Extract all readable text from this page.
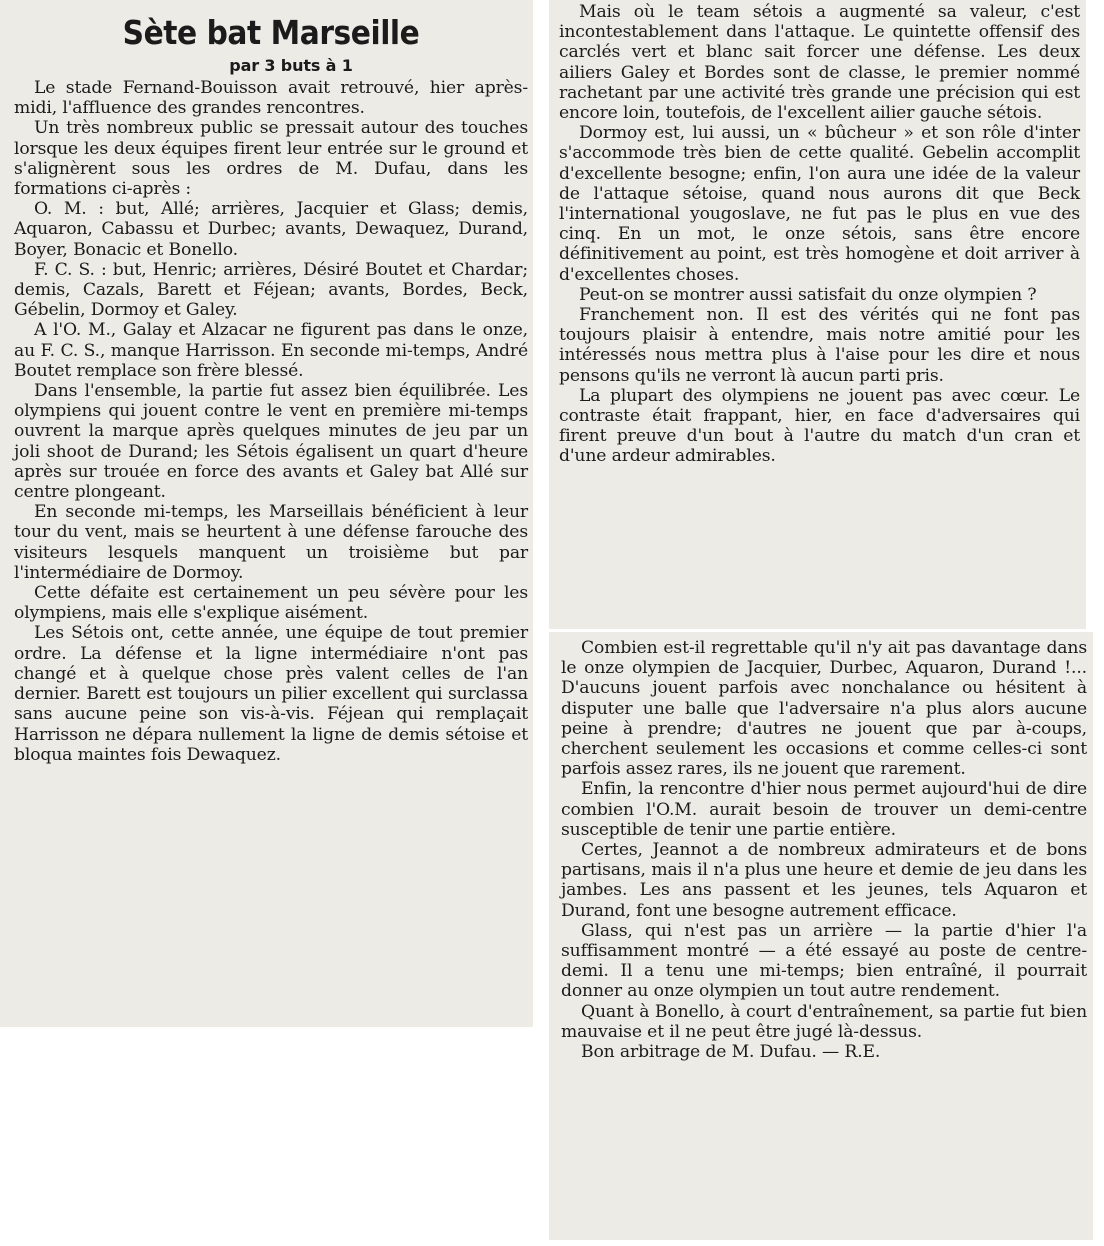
Sète bat Marseille
par 3 buts à 1

Le stade Fernand-Bouisson avait retrouvé, hier après-midi, l'affluence des grandes rencontres.

Un très nombreux public se pressait autour des touches lorsque les deux équipes firent leur entrée sur le ground et s'alignèrent sous les ordres de M. Dufau, dans les formations ci-après :

O. M. : but, Allé; arrières, Jacquier et Glass; demis, Aquaron, Cabassu et Durbec; avants, Dewaquez, Durand, Boyer, Bonacic et Bonello.

F. C. S. : but, Henric; arrières, Désiré Boutet et Chardar; demis, Cazals, Barett et Féjean; avants, Bordes, Beck, Gébelin, Dormoy et Galey.

A l'O. M., Galay et Alzacar ne figurent pas dans le onze, au F. C. S., manque Harrisson. En seconde mi-temps, André Boutet remplace son frère blessé.

Dans l'ensemble, la partie fut assez bien équilibrée. Les olympiens qui jouent contre le vent en première mi-temps ouvrent la marque après quelques minutes de jeu par un joli shoot de Durand; les Sétois égalisent un quart d'heure après sur trouée en force des avants et Galey bat Allé sur centre plongeant.

En seconde mi-temps, les Marseillais bénéficient à leur tour du vent, mais se heurtent à une défense farouche des visiteurs lesquels manquent un troisième but par l'intermédiaire de Dormoy.

Cette défaite est certainement un peu sévère pour les olympiens, mais elle s'explique aisément.

Les Sétois ont, cette année, une équipe de tout premier ordre. La défense et la ligne intermédiaire n'ont pas changé et à quelque chose près valent celles de l'an dernier. Barett est toujours un pilier excellent qui surclassa sans aucune peine son vis-à-vis. Féjean qui remplaçait Harrisson ne dépara nullement la ligne de demis sétoise et bloqua maintes fois Dewaquez.

Mais où le team sétois a augmenté sa valeur, c'est incontestablement dans l'attaque. Le quintette offensif des carclés vert et blanc sait forcer une défense. Les deux ailiers Galey et Bordes sont de classe, le premier nommé rachetant par une activité très grande une précision qui est encore loin, toutefois, de l'excellent ailier gauche sétois.

Dormoy est, lui aussi, un « bûcheur » et son rôle d'inter s'accommode très bien de cette qualité. Gebelin accomplit d'excellente besogne; enfin, l'on aura une idée de la valeur de l'attaque sétoise, quand nous aurons dit que Beck l'international yougoslave, ne fut pas le plus en vue des cinq. En un mot, le onze sétois, sans être encore définitivement au point, est très homogène et doit arriver à d'excellentes choses.

Peut-on se montrer aussi satisfait du onze olympien ?

Franchement non. Il est des vérités qui ne font pas toujours plaisir à entendre, mais notre amitié pour les intéressés nous mettra plus à l'aise pour les dire et nous pensons qu'ils ne verront là aucun parti pris.

La plupart des olympiens ne jouent pas avec cœur. Le contraste était frappant, hier, en face d'adversaires qui firent preuve d'un bout à l'autre du match d'un cran et d'une ardeur admirables.

Combien est-il regrettable qu'il n'y ait pas davantage dans le onze olympien de Jacquier, Durbec, Aquaron, Durand !... D'aucuns jouent parfois avec nonchalance ou hésitent à disputer une balle que l'adversaire n'a plus alors aucune peine à prendre; d'autres ne jouent que par à-coups, cherchent seulement les occasions et comme celles-ci sont parfois assez rares, ils ne jouent que rarement.

Enfin, la rencontre d'hier nous permet aujourd'hui de dire combien l'O.M. aurait besoin de trouver un demi-centre susceptible de tenir une partie entière.

Certes, Jeannot a de nombreux admirateurs et de bons partisans, mais il n'a plus une heure et demie de jeu dans les jambes. Les ans passent et les jeunes, tels Aquaron et Durand, font une besogne autrement efficace.

Glass, qui n'est pas un arrière — la partie d'hier l'a suffisamment montré — a été essayé au poste de centre-demi. Il a tenu une mi-temps; bien entraîné, il pourrait donner au onze olympien un tout autre rendement.

Quant à Bonello, à court d'entraînement, sa partie fut bien mauvaise et il ne peut être jugé là-dessus.

Bon arbitrage de M. Dufau. — R.E.
